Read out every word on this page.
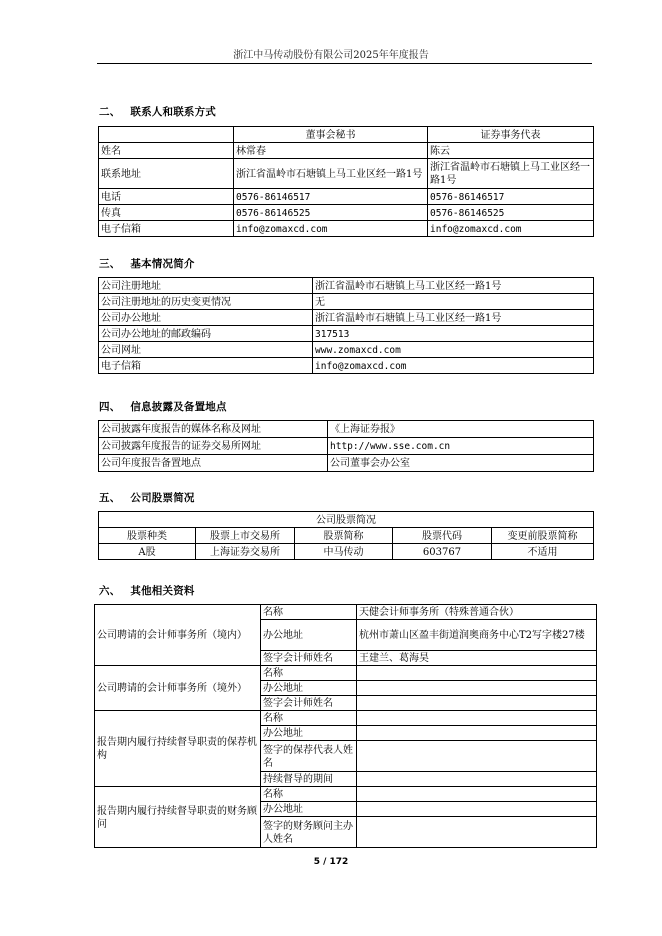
浙江中马传动股份有限公司2025年年度报告
二、 联系人和联系方式
	董事会秘书	证券事务代表
姓名	林常春	陈云
联系地址	浙江省温岭市石塘镇上马工业区经一路1号	浙江省温岭市石塘镇上马工业区经一路1号
电话	0576-86146517	0576-86146517
传真	0576-86146525	0576-86146525
电子信箱	info@zomaxcd.com	info@zomaxcd.com
三、 基本情况简介
公司注册地址	浙江省温岭市石塘镇上马工业区经一路1号
公司注册地址的历史变更情况	无
公司办公地址	浙江省温岭市石塘镇上马工业区经一路1号
公司办公地址的邮政编码	317513
公司网址	www.zomaxcd.com
电子信箱	info@zomaxcd.com
四、 信息披露及备置地点
公司披露年度报告的媒体名称及网址	《上海证券报》
公司披露年度报告的证券交易所网址	http://www.sse.com.cn
公司年度报告备置地点	公司董事会办公室
五、 公司股票简况
公司股票简况				
股票种类	股票上市交易所	股票简称	股票代码	变更前股票简称
A股	上海证券交易所	中马传动	603767	不适用
六、 其他相关资料
公司聘请的会计师事务所（境内）	名称	天健会计师事务所（特殊普通合伙）
	办公地址	杭州市萧山区盈丰街道润奥商务中心T2写字楼27楼
	签字会计师姓名	王建兰、葛海昊
公司聘请的会计师事务所（境外）	名称	
	办公地址	
	签字会计师姓名	
报告期内履行持续督导职责的保荐机构	名称	
	办公地址	
	签字的保荐代表人姓名	
	持续督导的期间	
报告期内履行持续督导职责的财务顾问	名称	
	办公地址	
	签字的财务顾问主办人姓名	
5 / 172
